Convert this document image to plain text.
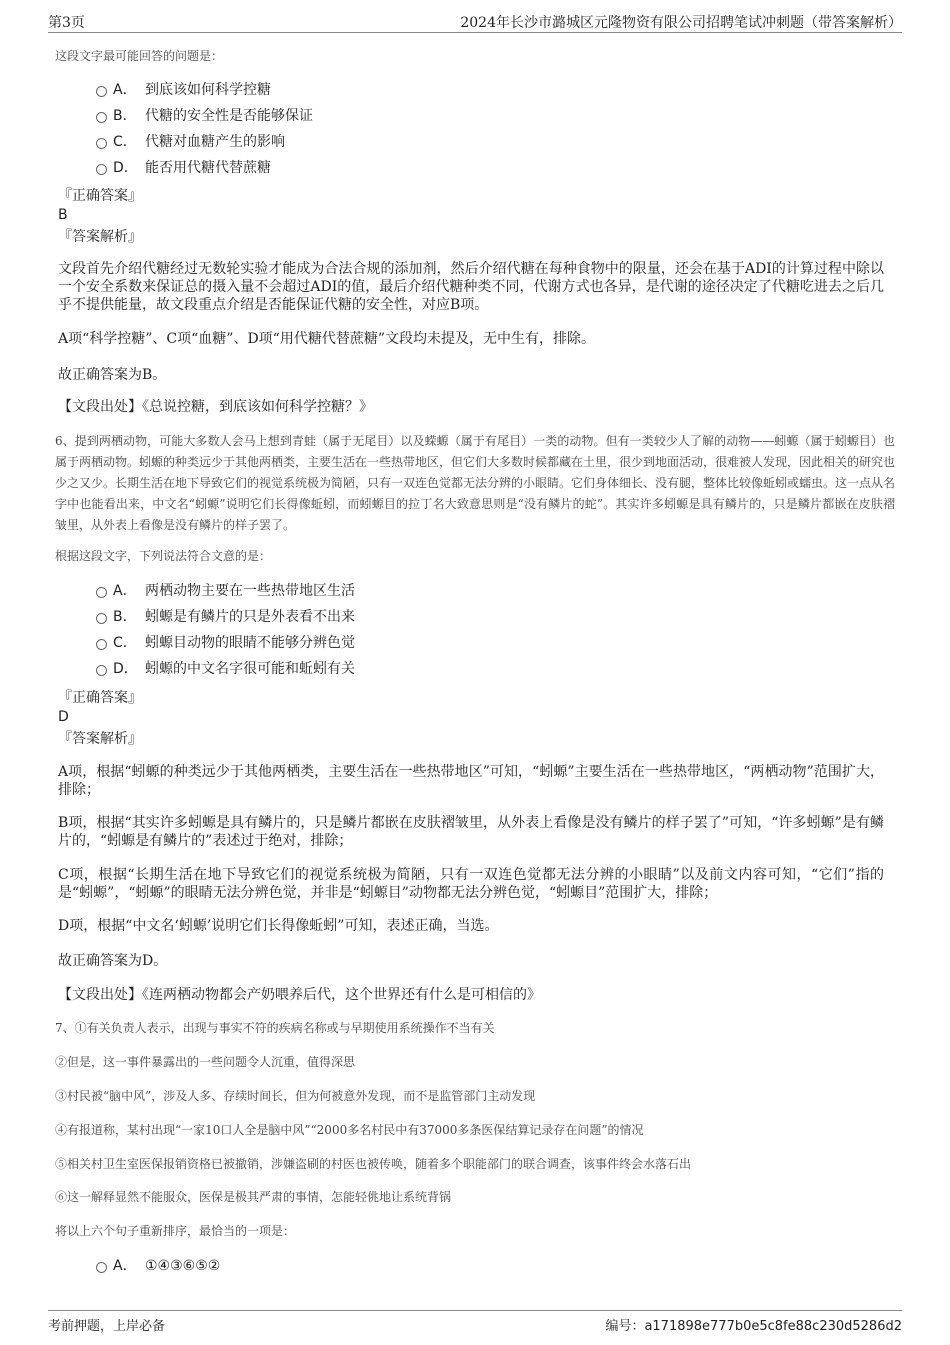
第3页	2024年长沙市潞城区元隆物资有限公司招聘笔试冲刺题（带答案解析）
这段文字最可能回答的问题是：
A． 到底该如何科学控糖
B． 代糖的安全性是否能够保证
C． 代糖对血糖产生的影响
D． 能否用代糖代替蔗糖
『正确答案』
B
『答案解析』
文段首先介绍代糖经过无数轮实验才能成为合法合规的添加剂，然后介绍代糖在每种食物中的限量，还会在基于ADI的计算过程中除以一个安全系数来保证总的摄入量不会超过ADI的值，最后介绍代糖种类不同，代谢方式也各异，是代谢的途径决定了代糖吃进去之后几乎不提供能量，故文段重点介绍是否能保证代糖的安全性，对应B项。
A项“科学控糖”、C项“血糖”、D项“用代糖代替蔗糖”文段均未提及，无中生有，排除。
故正确答案为B。
【文段出处】《总说控糖，到底该如何科学控糖？》
6、提到两栖动物，可能大多数人会马上想到青蛙（属于无尾目）以及蝾螈（属于有尾目）一类的动物。但有一类较少人了解的动物——蚓螈（属于蚓螈目）也属于两栖动物。蚓螈的种类远少于其他两栖类，主要生活在一些热带地区，但它们大多数时候都藏在土里，很少到地面活动，很难被人发现，因此相关的研究也少之又少。长期生活在地下导致它们的视觉系统极为简陋，只有一双连色觉都无法分辨的小眼睛。它们身体细长、没有腿，整体比较像蚯蚓或蠕虫。这一点从名字中也能看出来，中文名“蚓螈”说明它们长得像蚯蚓，而蚓螈目的拉丁名大致意思则是“没有鳞片的蛇”。其实许多蚓螈是具有鳞片的，只是鳞片都嵌在皮肤褶皱里，从外表上看像是没有鳞片的样子罢了。
根据这段文字，下列说法符合文意的是：
A． 两栖动物主要在一些热带地区生活
B． 蚓螈是有鳞片的只是外表看不出来
C． 蚓螈目动物的眼睛不能够分辨色觉
D． 蚓螈的中文名字很可能和蚯蚓有关
『正确答案』
D
『答案解析』
A项，根据“蚓螈的种类远少于其他两栖类，主要生活在一些热带地区”可知，“蚓螈”主要生活在一些热带地区，“两栖动物”范围扩大，排除；
B项，根据“其实许多蚓螈是具有鳞片的，只是鳞片都嵌在皮肤褶皱里，从外表上看像是没有鳞片的样子罢了”可知，“许多蚓螈”是有鳞片的，“蚓螈是有鳞片的”表述过于绝对，排除；
C项，根据“长期生活在地下导致它们的视觉系统极为简陋，只有一双连色觉都无法分辨的小眼睛”以及前文内容可知，“它们”指的是“蚓螈”，“蚓螈”的眼睛无法分辨色觉，并非是“蚓螈目”动物都无法分辨色觉，“蚓螈目”范围扩大，排除；
D项，根据“中文名‘蚓螈’说明它们长得像蚯蚓”可知，表述正确，当选。
故正确答案为D。
【文段出处】《连两栖动物都会产奶喂养后代，这个世界还有什么是可相信的》
7、①有关负责人表示，出现与事实不符的疾病名称或与早期使用系统操作不当有关
②但是，这一事件暴露出的一些问题令人沉重，值得深思
③村民被“脑中风”，涉及人多、存续时间长，但为何被意外发现，而不是监管部门主动发现
④有报道称，某村出现“一家10口人全是脑中风”“2000多名村民中有37000多条医保结算记录存在问题”的情况
⑤相关村卫生室医保报销资格已被撤销，涉嫌盗刷的村医也被传唤，随着多个职能部门的联合调查，该事件终会水落石出
⑥这一解释显然不能服众，医保是极其严肃的事情，怎能轻佻地让系统背锅
将以上六个句子重新排序，最恰当的一项是：
A． ①④③⑥⑤②
考前押题，上岸必备	编号：a171898e777b0e5c8fe88c230d5286d2
